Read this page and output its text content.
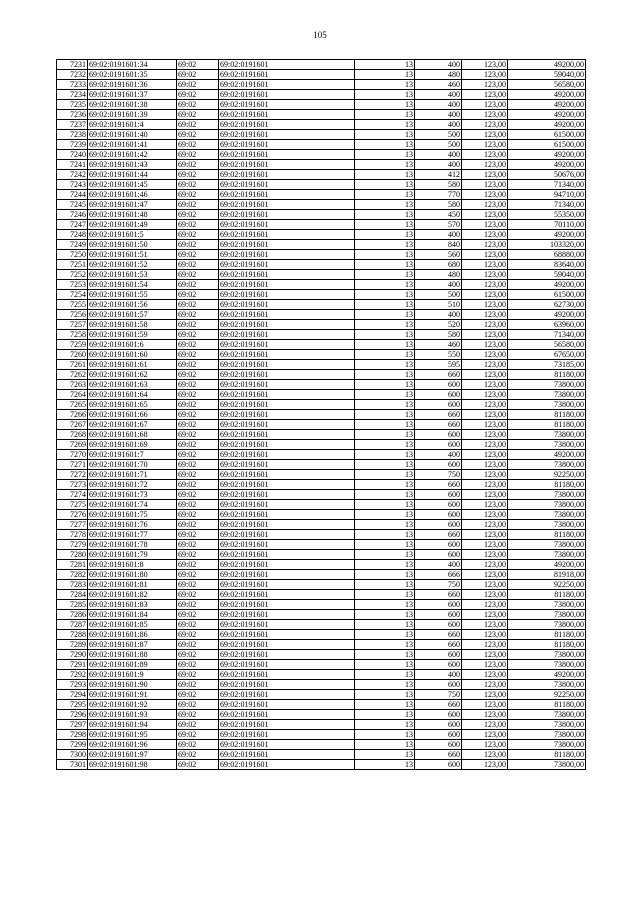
105
7231	69:02:0191601:34	69:02	69:02:0191601	13	400	123,00	49200,00
7232	69:02:0191601:35	69:02	69:02:0191601	13	480	123,00	59040,00
7233	69:02:0191601:36	69:02	69:02:0191601	13	460	123,00	56580,00
7234	69:02:0191601:37	69:02	69:02:0191601	13	400	123,00	49200,00
7235	69:02:0191601:38	69:02	69:02:0191601	13	400	123,00	49200,00
7236	69:02:0191601:39	69:02	69:02:0191601	13	400	123,00	49200,00
7237	69:02:0191601:4	69:02	69:02:0191601	13	400	123,00	49200,00
7238	69:02:0191601:40	69:02	69:02:0191601	13	500	123,00	61500,00
7239	69:02:0191601:41	69:02	69:02:0191601	13	500	123,00	61500,00
7240	69:02:0191601:42	69:02	69:02:0191601	13	400	123,00	49200,00
7241	69:02:0191601:43	69:02	69:02:0191601	13	400	123,00	49200,00
7242	69:02:0191601:44	69:02	69:02:0191601	13	412	123,00	50676,00
7243	69:02:0191601:45	69:02	69:02:0191601	13	580	123,00	71340,00
7244	69:02:0191601:46	69:02	69:02:0191601	13	770	123,00	94710,00
7245	69:02:0191601:47	69:02	69:02:0191601	13	580	123,00	71340,00
7246	69:02:0191601:48	69:02	69:02:0191601	13	450	123,00	55350,00
7247	69:02:0191601:49	69:02	69:02:0191601	13	570	123,00	70110,00
7248	69:02:0191601:5	69:02	69:02:0191601	13	400	123,00	49200,00
7249	69:02:0191601:50	69:02	69:02:0191601	13	840	123,00	103320,00
7250	69:02:0191601:51	69:02	69:02:0191601	13	560	123,00	68880,00
7251	69:02:0191601:52	69:02	69:02:0191601	13	680	123,00	83640,00
7252	69:02:0191601:53	69:02	69:02:0191601	13	480	123,00	59040,00
7253	69:02:0191601:54	69:02	69:02:0191601	13	400	123,00	49200,00
7254	69:02:0191601:55	69:02	69:02:0191601	13	500	123,00	61500,00
7255	69:02:0191601:56	69:02	69:02:0191601	13	510	123,00	62730,00
7256	69:02:0191601:57	69:02	69:02:0191601	13	400	123,00	49200,00
7257	69:02:0191601:58	69:02	69:02:0191601	13	520	123,00	63960,00
7258	69:02:0191601:59	69:02	69:02:0191601	13	580	123,00	71340,00
7259	69:02:0191601:6	69:02	69:02:0191601	13	460	123,00	56580,00
7260	69:02:0191601:60	69:02	69:02:0191601	13	550	123,00	67650,00
7261	69:02:0191601:61	69:02	69:02:0191601	13	595	123,00	73185,00
7262	69:02:0191601:62	69:02	69:02:0191601	13	660	123,00	81180,00
7263	69:02:0191601:63	69:02	69:02:0191601	13	600	123,00	73800,00
7264	69:02:0191601:64	69:02	69:02:0191601	13	600	123,00	73800,00
7265	69:02:0191601:65	69:02	69:02:0191601	13	600	123,00	73800,00
7266	69:02:0191601:66	69:02	69:02:0191601	13	660	123,00	81180,00
7267	69:02:0191601:67	69:02	69:02:0191601	13	660	123,00	81180,00
7268	69:02:0191601:68	69:02	69:02:0191601	13	600	123,00	73800,00
7269	69:02:0191601:69	69:02	69:02:0191601	13	600	123,00	73800,00
7270	69:02:0191601:7	69:02	69:02:0191601	13	400	123,00	49200,00
7271	69:02:0191601:70	69:02	69:02:0191601	13	600	123,00	73800,00
7272	69:02:0191601:71	69:02	69:02:0191601	13	750	123,00	92250,00
7273	69:02:0191601:72	69:02	69:02:0191601	13	660	123,00	81180,00
7274	69:02:0191601:73	69:02	69:02:0191601	13	600	123,00	73800,00
7275	69:02:0191601:74	69:02	69:02:0191601	13	600	123,00	73800,00
7276	69:02:0191601:75	69:02	69:02:0191601	13	600	123,00	73800,00
7277	69:02:0191601:76	69:02	69:02:0191601	13	600	123,00	73800,00
7278	69:02:0191601:77	69:02	69:02:0191601	13	660	123,00	81180,00
7279	69:02:0191601:78	69:02	69:02:0191601	13	600	123,00	73800,00
7280	69:02:0191601:79	69:02	69:02:0191601	13	600	123,00	73800,00
7281	69:02:0191601:8	69:02	69:02:0191601	13	400	123,00	49200,00
7282	69:02:0191601:80	69:02	69:02:0191601	13	666	123,00	81918,00
7283	69:02:0191601:81	69:02	69:02:0191601	13	750	123,00	92250,00
7284	69:02:0191601:82	69:02	69:02:0191601	13	660	123,00	81180,00
7285	69:02:0191601:83	69:02	69:02:0191601	13	600	123,00	73800,00
7286	69:02:0191601:84	69:02	69:02:0191601	13	600	123,00	73800,00
7287	69:02:0191601:85	69:02	69:02:0191601	13	600	123,00	73800,00
7288	69:02:0191601:86	69:02	69:02:0191601	13	660	123,00	81180,00
7289	69:02:0191601:87	69:02	69:02:0191601	13	660	123,00	81180,00
7290	69:02:0191601:88	69:02	69:02:0191601	13	600	123,00	73800,00
7291	69:02:0191601:89	69:02	69:02:0191601	13	600	123,00	73800,00
7292	69:02:0191601:9	69:02	69:02:0191601	13	400	123,00	49200,00
7293	69:02:0191601:90	69:02	69:02:0191601	13	600	123,00	73800,00
7294	69:02:0191601:91	69:02	69:02:0191601	13	750	123,00	92250,00
7295	69:02:0191601:92	69:02	69:02:0191601	13	660	123,00	81180,00
7296	69:02:0191601:93	69:02	69:02:0191601	13	600	123,00	73800,00
7297	69:02:0191601:94	69:02	69:02:0191601	13	600	123,00	73800,00
7298	69:02:0191601:95	69:02	69:02:0191601	13	600	123,00	73800,00
7299	69:02:0191601:96	69:02	69:02:0191601	13	600	123,00	73800,00
7300	69:02:0191601:97	69:02	69:02:0191601	13	660	123,00	81180,00
7301	69:02:0191601:98	69:02	69:02:0191601	13	600	123,00	73800,00
